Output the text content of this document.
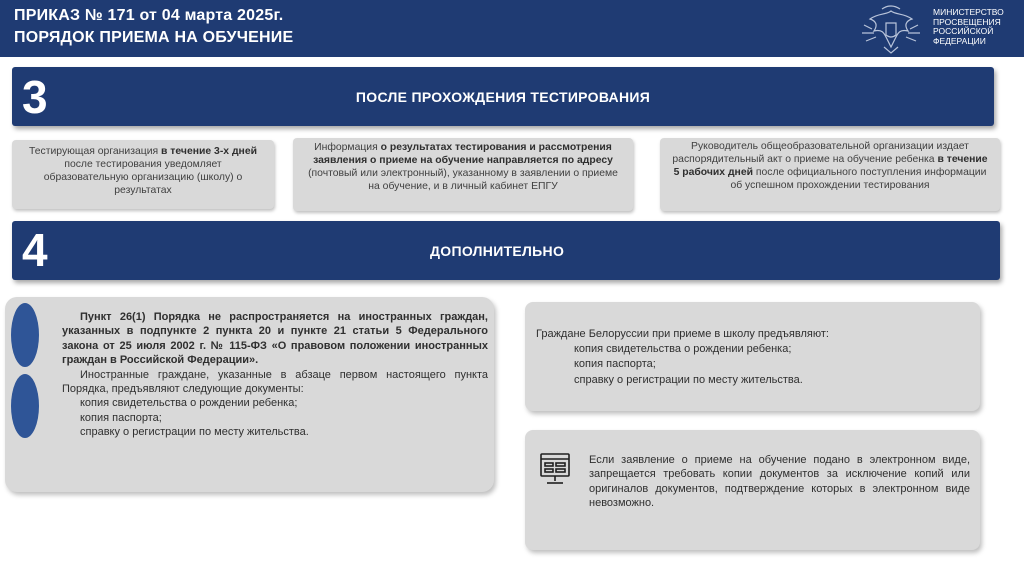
ПРИКАЗ № 171 от 04 марта 2025г.
ПОРЯДОК ПРИЕМА НА ОБУЧЕНИЕ
МИНИСТЕРСТВО
ПРОСВЕЩЕНИЯ
РОССИЙСКОЙ
ФЕДЕРАЦИИ
3	ПОСЛЕ ПРОХОЖДЕНИЯ ТЕСТИРОВАНИЯ
Тестирующая организация в течение 3-х дней после тестирования уведомляет образовательную организацию (школу) о результатах
Информация о результатах тестирования и рассмотрения заявления о приеме на обучение направляется по адресу (почтовый или электронный), указанному в заявлении о приеме на обучение, и в личный кабинет ЕПГУ
Руководитель общеобразовательной организации издает распорядительный акт о приеме на обучение ребенка в течение 5 рабочих дней после официального поступления информации об успешном прохождении тестирования
4	ДОПОЛНИТЕЛЬНО

Пункт 26(1) Порядка не распространяется на иностранных граждан, указанных в подпункте 2 пункта 20 и пункте 21 статьи 5 Федерального закона от 25 июля 2002 г. № 115-ФЗ «О правовом положении иностранных граждан в Российской Федерации».

Иностранные граждане, указанные в абзаце первом настоящего пункта Порядка, предъявляют следующие документы:

копия свидетельства о рождении ребенка;

копия паспорта;

справку о регистрации по месту жительства.

Граждане Белоруссии при приеме в школу предъявляют:
копия свидетельства о рождении ребенка;
копия паспорта;
справку о регистрации по месту жительства.
Если заявление о приеме на обучение подано в электронном виде, запрещается требовать копии документов за исключение копий или оригиналов документов, подтверждение которых в электронном виде невозможно.
